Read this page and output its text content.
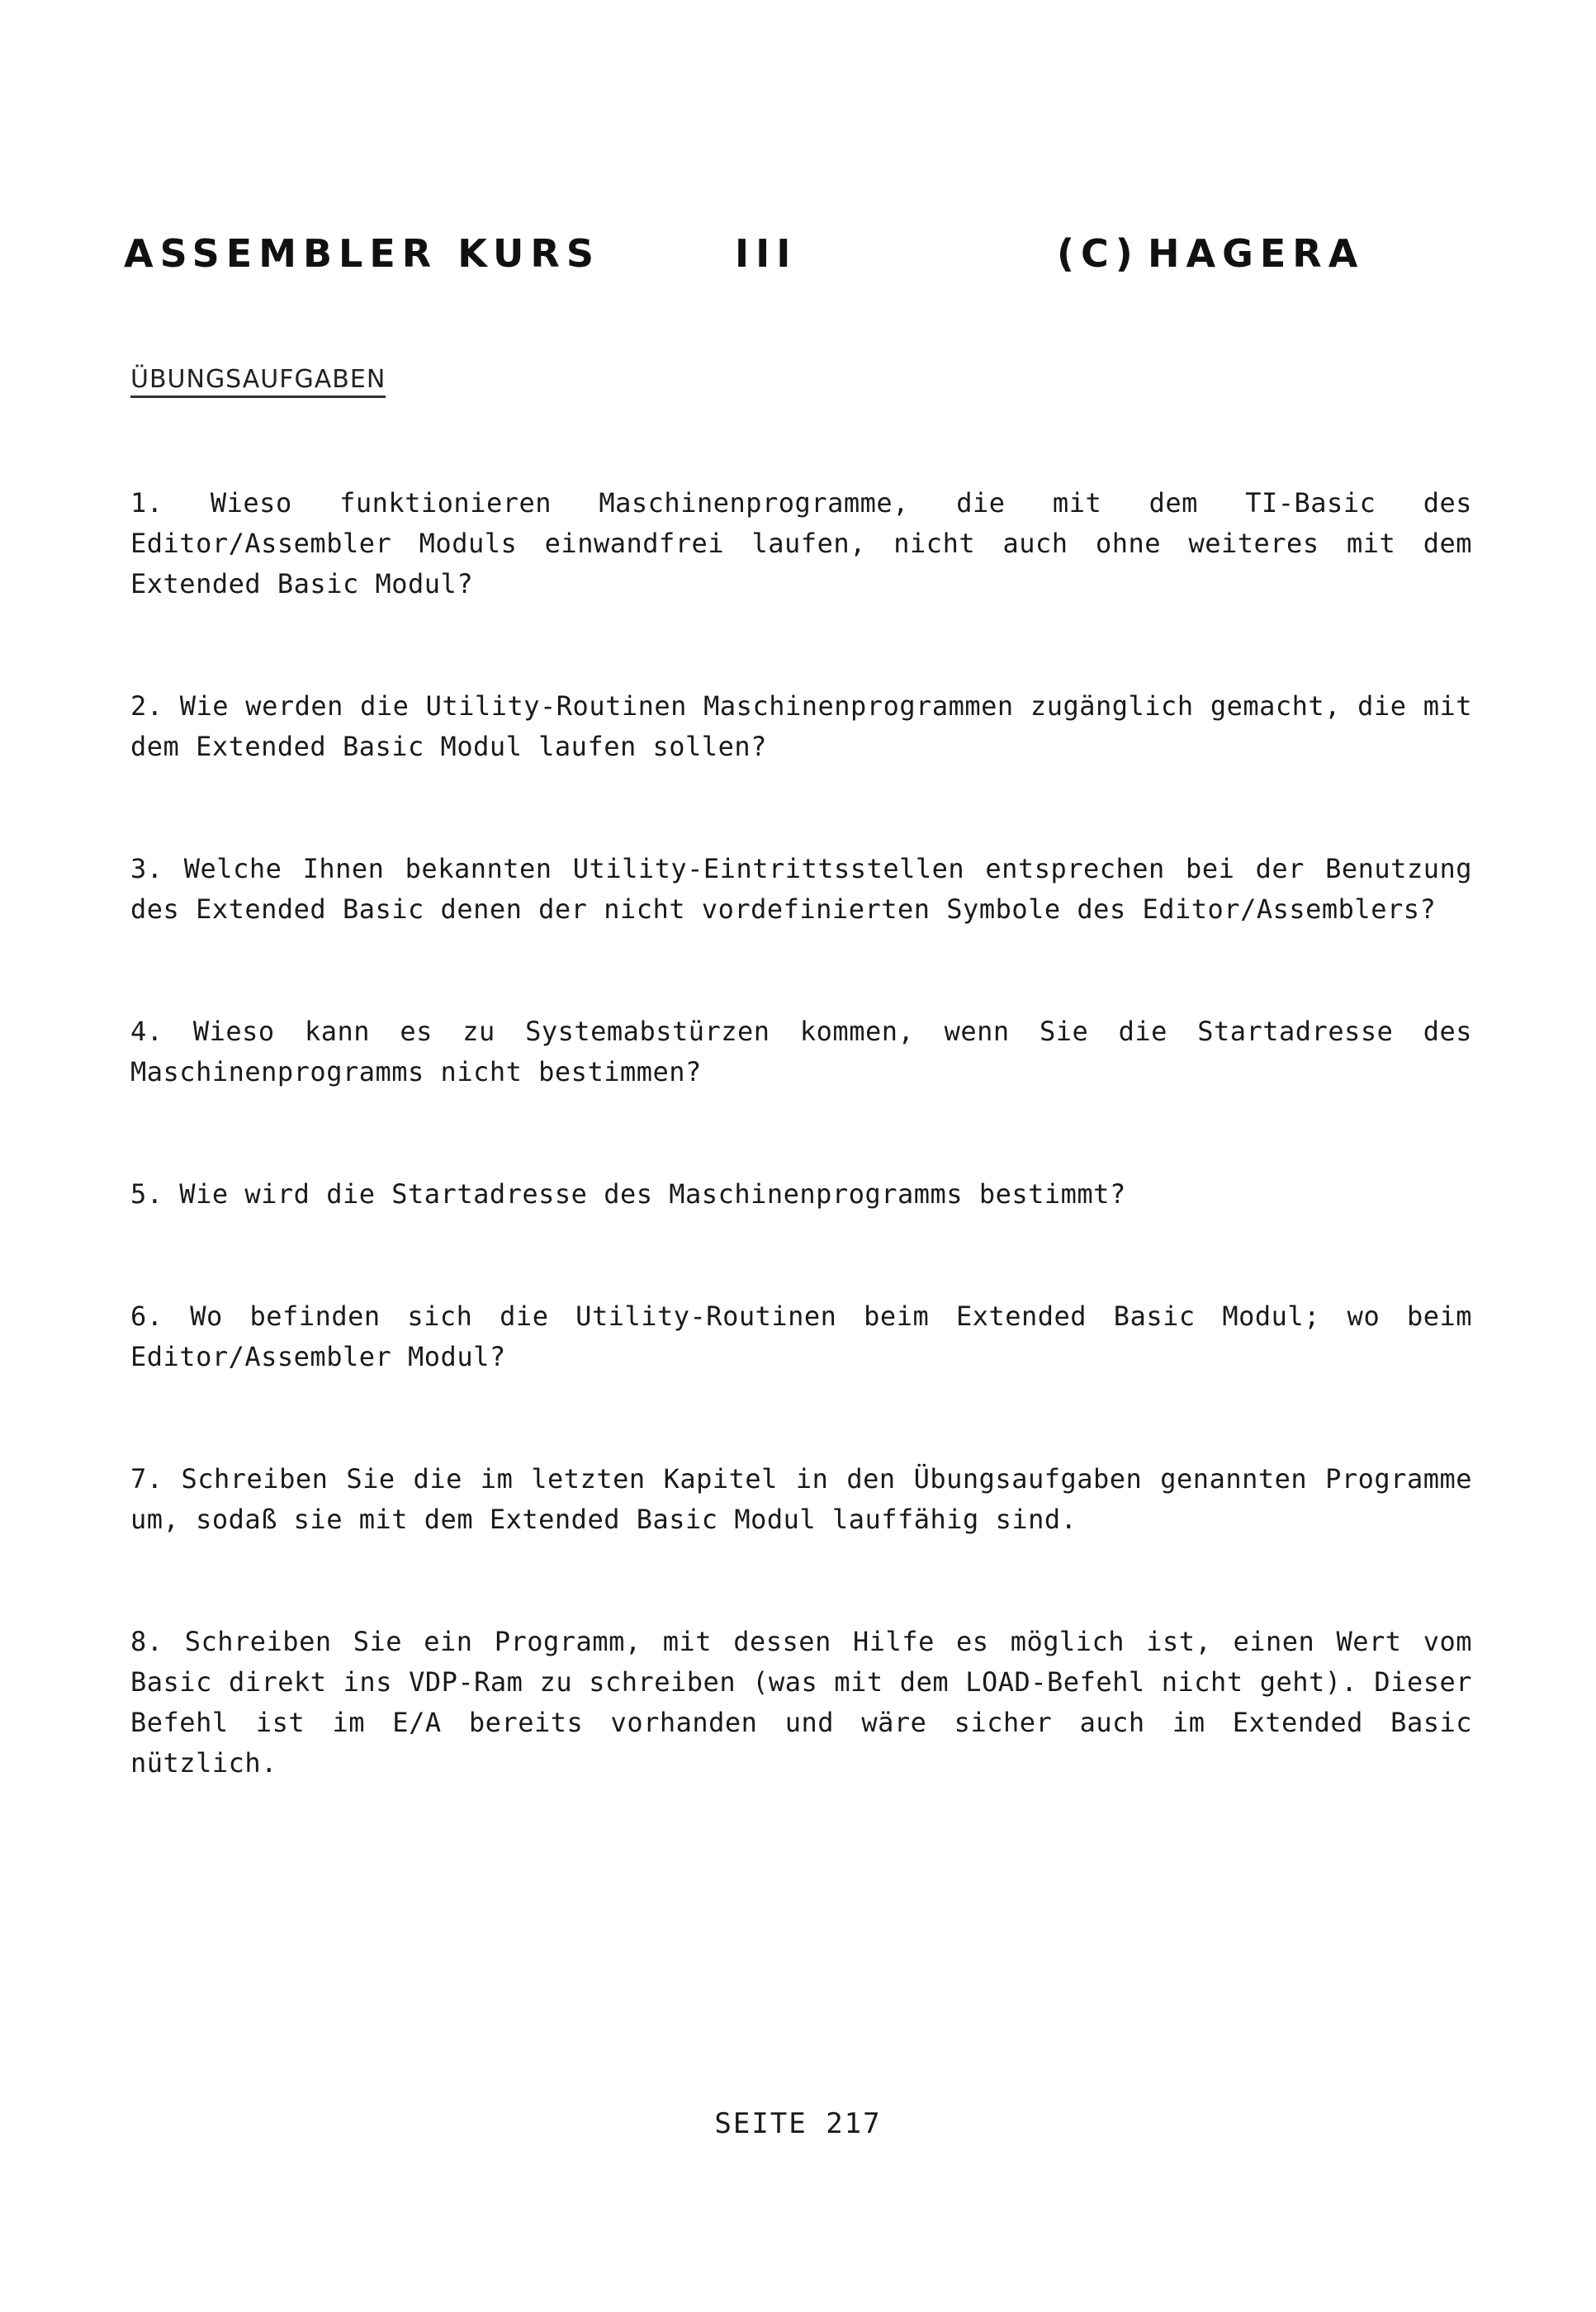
ASSEMBLER KURS	III	(C) HAGERA
ÜBUNGSAUFGABEN
1. Wieso funktionieren Maschinenprogramme, die mit dem TI-Basic des Editor/Assembler Moduls einwandfrei laufen, nicht auch ohne weiteres mit dem Extended Basic Modul?
2. Wie werden die Utility-Routinen Maschinenprogrammen zugänglich gemacht, die mit dem Extended Basic Modul laufen sollen?
3. Welche Ihnen bekannten Utility-Eintrittsstellen entsprechen bei der Benutzung des Extended Basic denen der nicht vordefinierten Symbole des Editor/Assemblers?
4. Wieso kann es zu Systemabstürzen kommen, wenn Sie die Startadresse des Maschinenprogramms nicht bestimmen?
5. Wie wird die Startadresse des Maschinenprogramms bestimmt?
6. Wo befinden sich die Utility-Routinen beim Extended Basic Modul; wo beim Editor/Assembler Modul?
7. Schreiben Sie die im letzten Kapitel in den Übungsaufgaben genannten Programme um, sodaß sie mit dem Extended Basic Modul lauffähig sind.
8. Schreiben Sie ein Programm, mit dessen Hilfe es möglich ist, einen Wert vom Basic direkt ins VDP-Ram zu schreiben (was mit dem LOAD-Befehl nicht geht). Dieser Befehl ist im E/A bereits vorhanden und wäre sicher auch im Extended Basic nützlich.
SEITE 217
